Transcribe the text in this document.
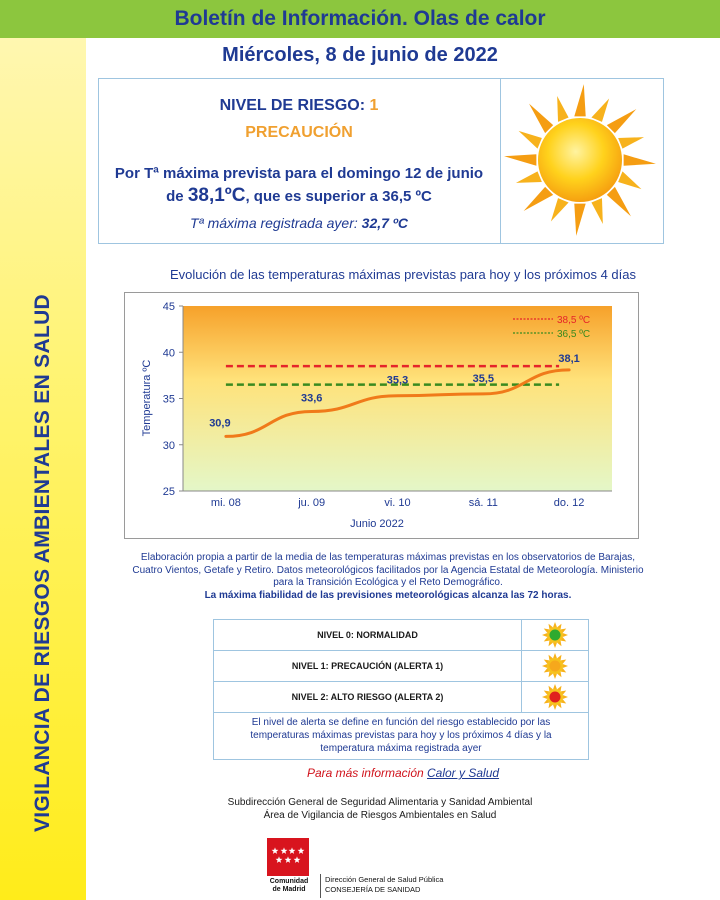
Boletín de Información. Olas de calor
VIGILANCIA DE RIESGOS AMBIENTALES EN SALUD
Miércoles, 8 de junio de 2022
NIVEL DE RIESGO: 1
PRECAUCIÓN
Por Tª máxima prevista para el domingo 12 de junio
de 38,1ºC, que es superior a 36,5 ºC
Tª máxima registrada ayer: 32,7 ºC
Evolución de las temperaturas máximas previstas para hoy y los próximos 4 días
25
30
35
40
45
mi. 08	ju. 09	vi. 10	sá. 11	do. 12
30,9
33,6
35,3	35,5
38,1
38,5 ºC
36,5 ºC
Temperatura ºC
Junio 2022
Elaboración propia a partir de la media de las temperaturas máximas previstas en los observatorios de Barajas, Cuatro Vientos, Getafe y Retiro. Datos meteorológicos facilitados por la Agencia Estatal de Meteorología. Ministerio para la Transición Ecológica y el Reto Demográfico.
La máxima fiabilidad de las previsiones meteorológicas alcanza las 72 horas.
NIVEL 0: NORMALIDAD
NIVEL 1: PRECAUCIÓN (ALERTA 1)
NIVEL 2: ALTO RIESGO (ALERTA 2)
El nivel de alerta se define en función del riesgo establecido por las temperaturas máximas previstas para hoy y los próximos 4 días y la temperatura máxima registrada ayer
Para más información Calor y Salud
Subdirección General de Seguridad Alimentaria y Sanidad Ambiental
Área de Vigilancia de Riesgos Ambientales en Salud
Comunidad
de Madrid
Dirección General de Salud Pública
CONSEJERÍA DE SANIDAD
